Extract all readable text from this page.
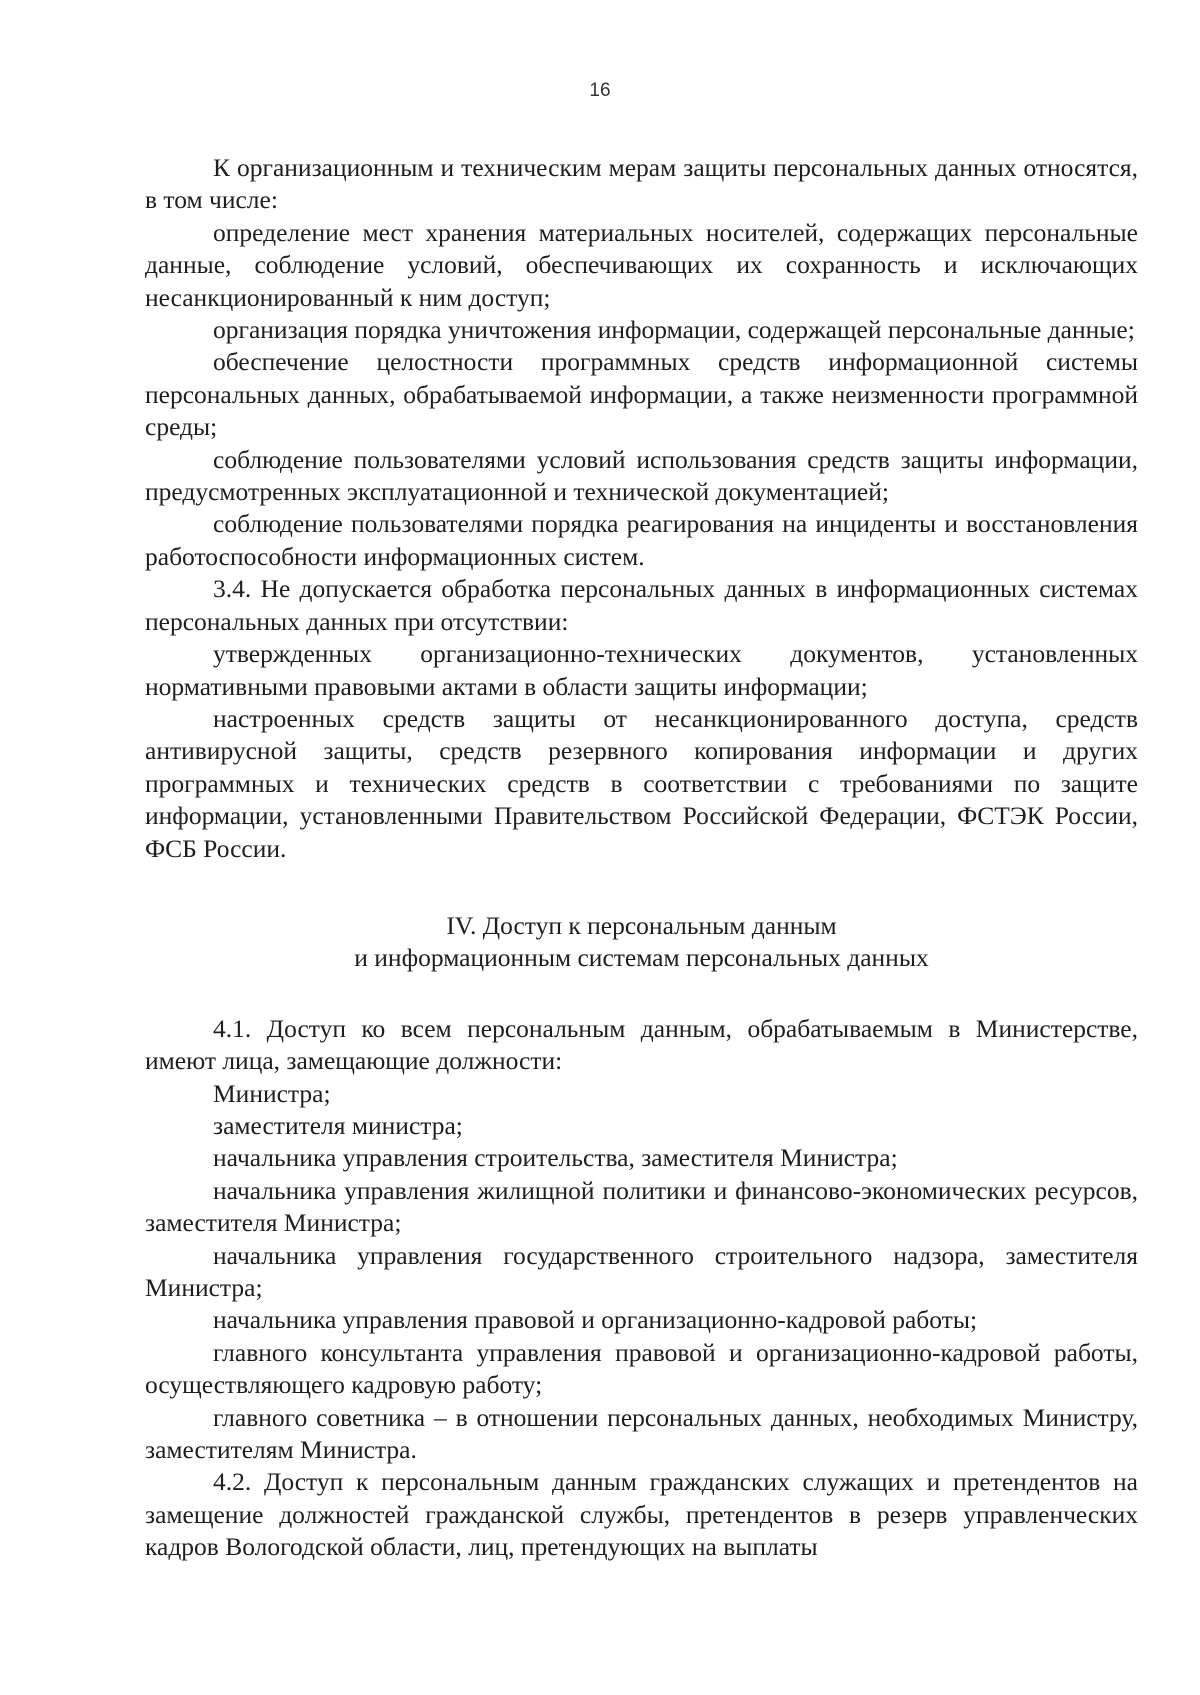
16

К организационным и техническим мерам защиты персональных данных относятся, в том числе:

определение мест хранения материальных носителей, содержащих персональные данные, соблюдение условий, обеспечивающих их сохранность и исключающих несанкционированный к ним доступ;

организация порядка уничтожения информации, содержащей персональные данные;

обеспечение целостности программных средств информационной системы персональных данных, обрабатываемой информации, а также неизменности программной среды;

соблюдение пользователями условий использования средств защиты информации, предусмотренных эксплуатационной и технической документацией;

соблюдение пользователями порядка реагирования на инциденты и восстановления работоспособности информационных систем.

3.4. Не допускается обработка персональных данных в информационных системах персональных данных при отсутствии:

утвержденных организационно-технических документов, установленных нормативными правовыми актами в области защиты информации;

настроенных средств защиты от несанкционированного доступа, средств антивирусной защиты, средств резервного копирования информации и других программных и технических средств в соответствии с требованиями по защите информации, установленными Правительством Российской Федерации, ФСТЭК России, ФСБ России.

IV. Доступ к персональным данным
и информационным системам персональных данных

4.1. Доступ ко всем персональным данным, обрабатываемым в Министерстве, имеют лица, замещающие должности:

Министра;

заместителя министра;

начальника управления строительства, заместителя Министра;

начальника управления жилищной политики и финансово-экономических ресурсов, заместителя Министра;

начальника управления государственного строительного надзора, заместителя Министра;

начальника управления правовой и организационно-кадровой работы;

главного консультанта управления правовой и организационно-кадровой работы, осуществляющего кадровую работу;

главного советника – в отношении персональных данных, необходимых Министру, заместителям Министра.

4.2. Доступ к персональным данным гражданских служащих и претендентов на замещение должностей гражданской службы, претендентов в резерв управленческих кадров Вологодской области, лиц, претендующих на выплаты
